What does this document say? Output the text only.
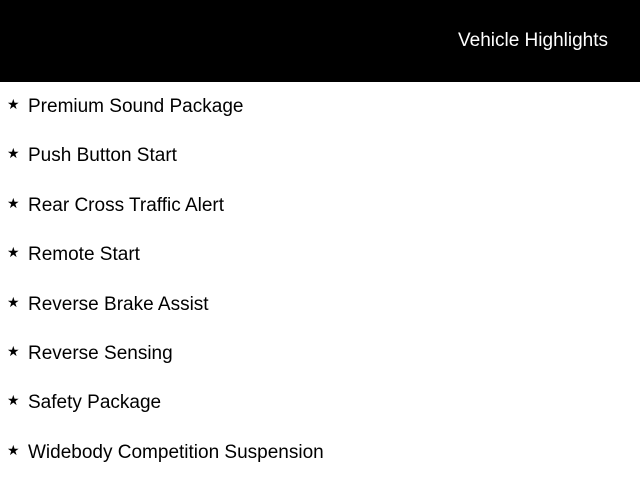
Vehicle Highlights
★ Premium Sound Package
★ Push Button Start
★ Rear Cross Traffic Alert
★ Remote Start
★ Reverse Brake Assist
★ Reverse Sensing
★ Safety Package
★ Widebody Competition Suspension
